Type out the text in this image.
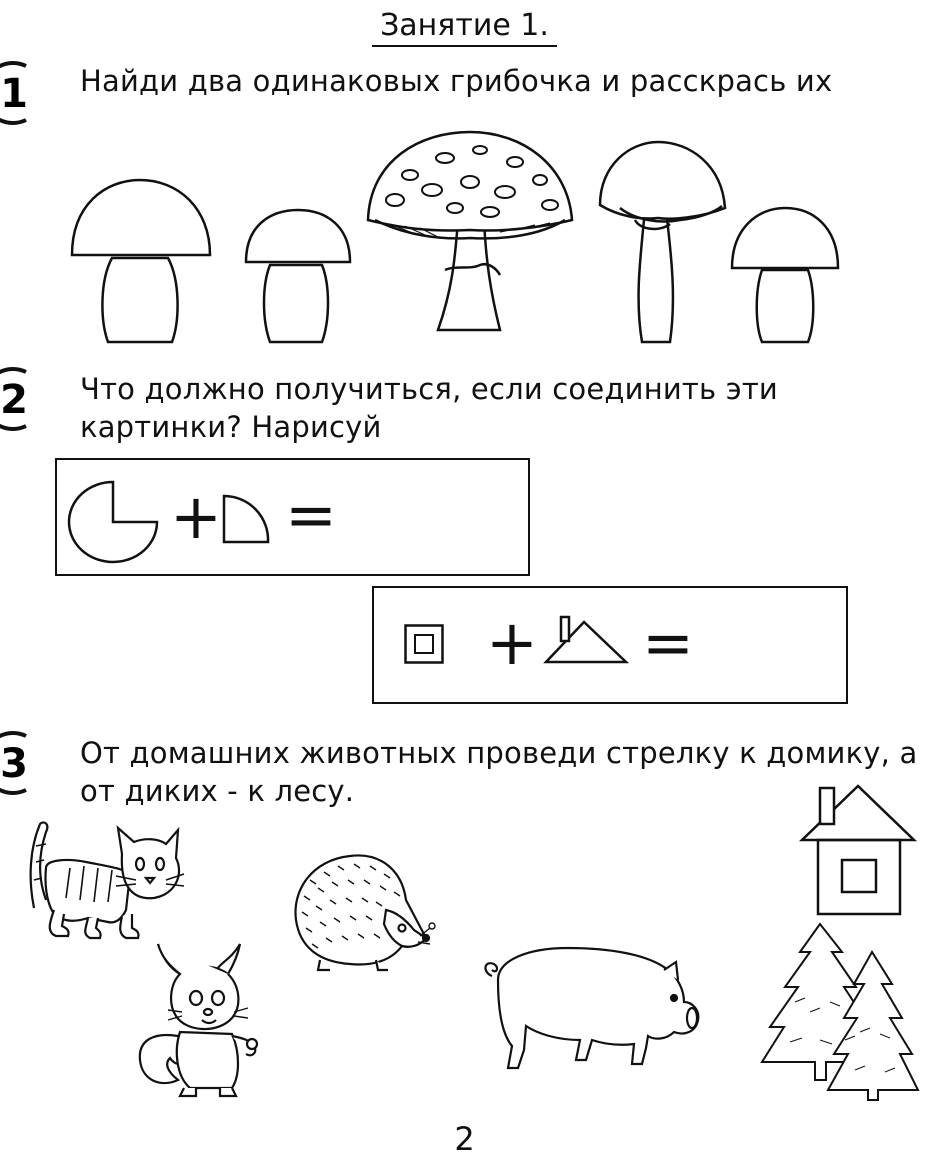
Занятие 1.
1 Найди два одинаковых грибочка и расскрась их
2 Что должно получиться, если соединить эти
картинки? Нарисуй
+ =
+ =
3 От домашних животных проведи стрелку к домику, а
от диких - к лесу.
2
